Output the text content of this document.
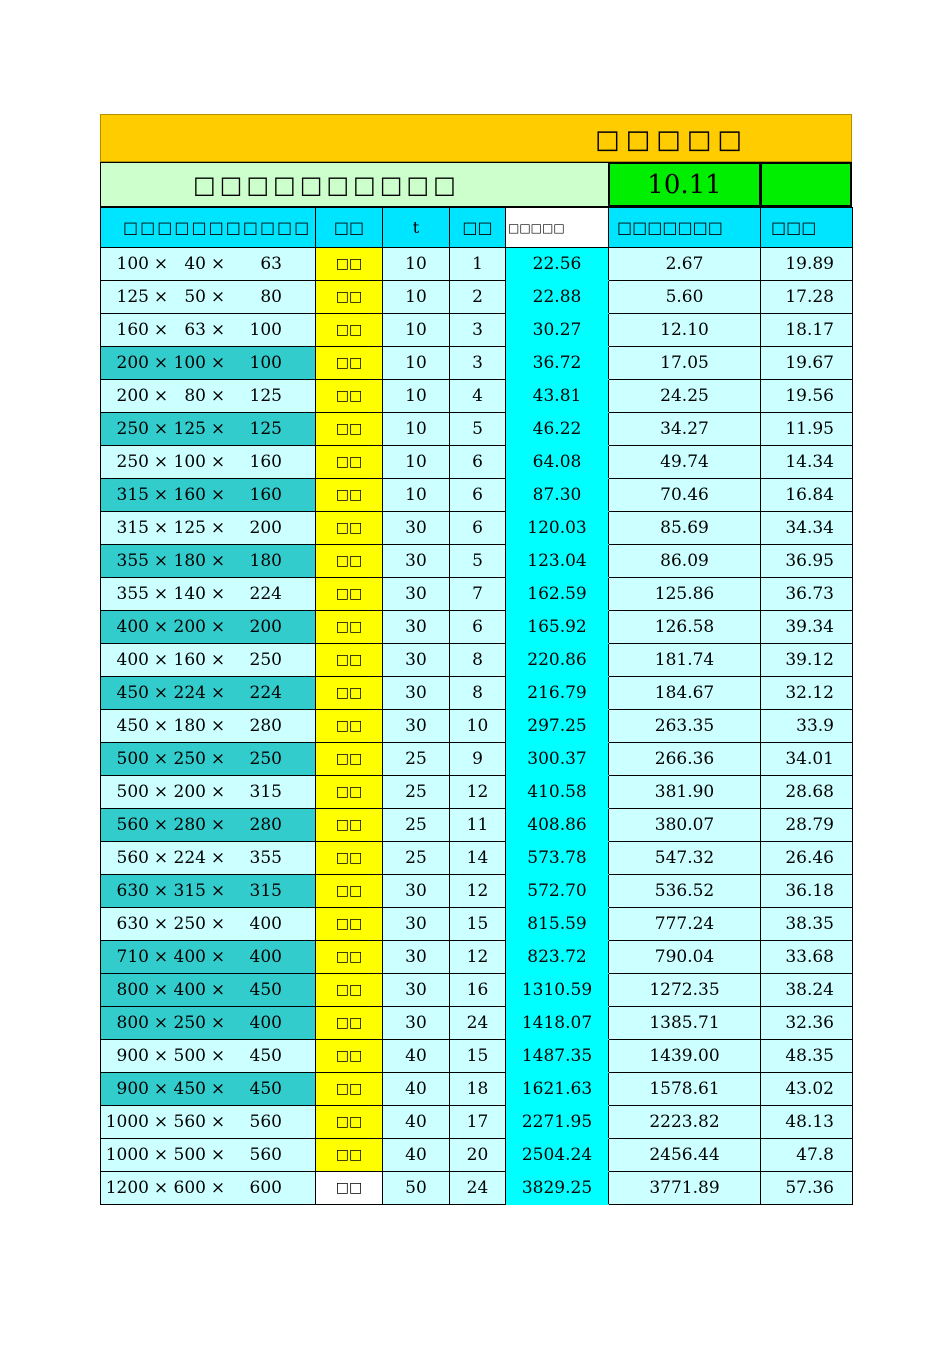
□□□□□
□□□□□□□□□□	10.11
□□□□□□□□□□□	□□	t	□□	□□□□□	□□□□□□□	□□□
100 × 40 × 63	□□	10	1	22.56	2.67	19.89
125 × 50 × 80	□□	10	2	22.88	5.60	17.28
160 × 63 × 100	□□	10	3	30.27	12.10	18.17
200 × 100 × 100	□□	10	3	36.72	17.05	19.67
200 × 80 × 125	□□	10	4	43.81	24.25	19.56
250 × 125 × 125	□□	10	5	46.22	34.27	11.95
250 × 100 × 160	□□	10	6	64.08	49.74	14.34
315 × 160 × 160	□□	10	6	87.30	70.46	16.84
315 × 125 × 200	□□	30	6	120.03	85.69	34.34
355 × 180 × 180	□□	30	5	123.04	86.09	36.95
355 × 140 × 224	□□	30	7	162.59	125.86	36.73
400 × 200 × 200	□□	30	6	165.92	126.58	39.34
400 × 160 × 250	□□	30	8	220.86	181.74	39.12
450 × 224 × 224	□□	30	8	216.79	184.67	32.12
450 × 180 × 280	□□	30	10	297.25	263.35	33.9
500 × 250 × 250	□□	25	9	300.37	266.36	34.01
500 × 200 × 315	□□	25	12	410.58	381.90	28.68
560 × 280 × 280	□□	25	11	408.86	380.07	28.79
560 × 224 × 355	□□	25	14	573.78	547.32	26.46
630 × 315 × 315	□□	30	12	572.70	536.52	36.18
630 × 250 × 400	□□	30	15	815.59	777.24	38.35
710 × 400 × 400	□□	30	12	823.72	790.04	33.68
800 × 400 × 450	□□	30	16	1310.59	1272.35	38.24
800 × 250 × 400	□□	30	24	1418.07	1385.71	32.36
900 × 500 × 450	□□	40	15	1487.35	1439.00	48.35
900 × 450 × 450	□□	40	18	1621.63	1578.61	43.02
1000 × 560 × 560	□□	40	17	2271.95	2223.82	48.13
1000 × 500 × 560	□□	40	20	2504.24	2456.44	47.8
1200 × 600 × 600	□□	50	24	3829.25	3771.89	57.36
